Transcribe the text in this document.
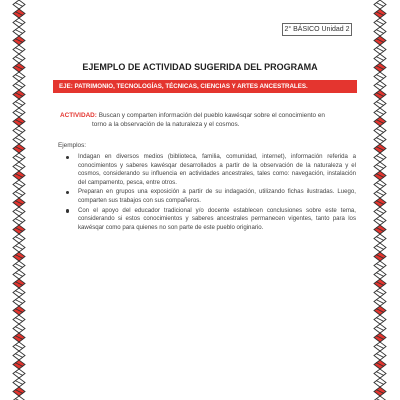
2° BÁSICO Unidad 2
EJEMPLO DE ACTIVIDAD SUGERIDA DEL PROGRAMA
EJE: PATRIMONIO, TECNOLOGÍAS, TÉCNICAS, CIENCIAS Y ARTES ANCESTRALES.
ACTIVIDAD: Buscan y comparten información del pueblo kawésqar sobre el conocimiento en
torno a la observación de la naturaleza y el cosmos.
Ejemplos:
Indagan en diversos medios (biblioteca, familia, comunidad, internet), información referida a conocimientos y saberes kawésqar desarrollados a partir de la observación de la naturaleza y el cosmos, considerando su influencia en actividades ancestrales, tales como: navegación, instalación del campamento, pesca, entre otros.
Preparan en grupos una exposición a partir de su indagación, utilizando fichas ilustradas. Luego, comparten sus trabajos con sus compañeros.
Con el apoyo del educador tradicional y/o docente establecen conclusiones sobre este tema, considerando si estos conocimientos y saberes ancestrales permanecen vigentes, tanto para los kawésqar como para quienes no son parte de este pueblo originario.
